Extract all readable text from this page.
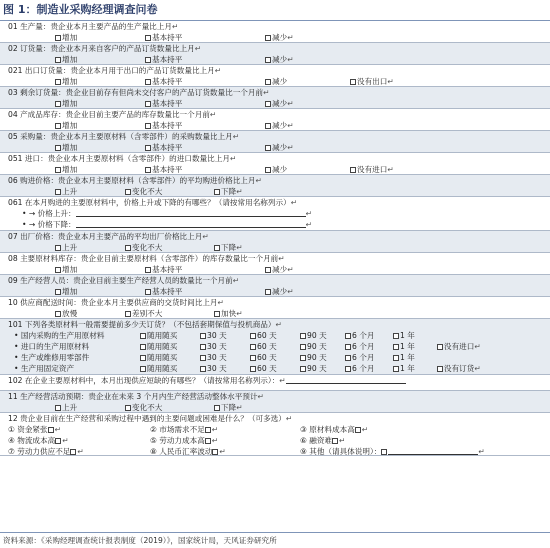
图 1：制造业采购经理调查问卷
01 生产量：贵企业本月主要产品的生产量比上月↵
增加	基本持平	减少↵
02 订货量：贵企业本月来自客户的产品订货数量比上月↵
增加	基本持平	减少↵
021 出口订货量：贵企业本月用于出口的产品订货数量比上月↵
增加	基本持平	减少	没有出口↵
03 剩余订货量：贵企业目前存有但尚未交付客户的产品订货数量比一个月前↵
增加	基本持平	减少↵
04 产成品库存：贵企业目前主要产品的库存数量比一个月前↵
增加	基本持平	减少↵
05 采购量：贵企业本月主要原材料（含零部件）的采购数量比上月↵
增加	基本持平	减少↵
051 进口：贵企业本月主要原材料（含零部件）的进口数量比上月↵
增加	基本持平	减少	没有进口↵
06 购进价格：贵企业本月主要原材料（含零部件）的平均购进价格比上月↵
上升	变化不大	下降↵
061 在本月购进的主要原材料中，价格上升或下降的有哪些？（请按常用名称列示）↵
• → 价格上升：	↵
• → 价格下降：	↵
07 出厂价格：贵企业本月主要产品的平均出厂价格比上月↵
上升	变化不大	下降↵
08 主要原材料库存：贵企业目前主要原材料（含零部件）的库存数量比一个月前↵
增加	基本持平	减少↵
09 生产经营人员：贵企业目前主要生产经营人员的数量比一个月前↵
增加	基本持平	减少↵
10 供应商配送时间：贵企业本月主要供应商的交货时间比上月↵
放慢	差别不大	加快↵
101 下列各类原材料一般需要提前多少天订货？（不包括套期保值与投机商品）↵
• 国内采购的生产用原材料	随用随买	30 天	60 天	90 天	6 个月	1 年
• 进口的生产用原材料	随用随买	30 天	60 天	90 天	6 个月	1 年	没有进口↵
• 生产或维修用零部件	随用随买	30 天	60 天	90 天	6 个月	1 年
• 生产用固定资产	随用随买	30 天	60 天	90 天	6 个月	1 年	没有订货↵
102 在企业主要原材料中，本月出现供应短缺的有哪些？（请按常用名称列示）：↵
11 生产经营活动预期：贵企业在未来 3 个月内生产经营活动整体水平预计↵
上升	变化不大	下降↵
12 贵企业目前在生产经营和采购过程中遇到的主要问题或困难是什么？（可多选）↵
① 资金紧张 ↵	② 市场需求不足 ↵	③ 原材料成本高 ↵
④ 物流成本高 ↵	⑤ 劳动力成本高 ↵	⑥ 融资难 ↵
⑦ 劳动力供应不足 ↵	⑧ 人民币汇率波动 ↵	⑨ 其他（请具体说明）：	↵
资料来源：《采购经理调查统计报表制度（2019）》，国家统计局，天风证券研究所
